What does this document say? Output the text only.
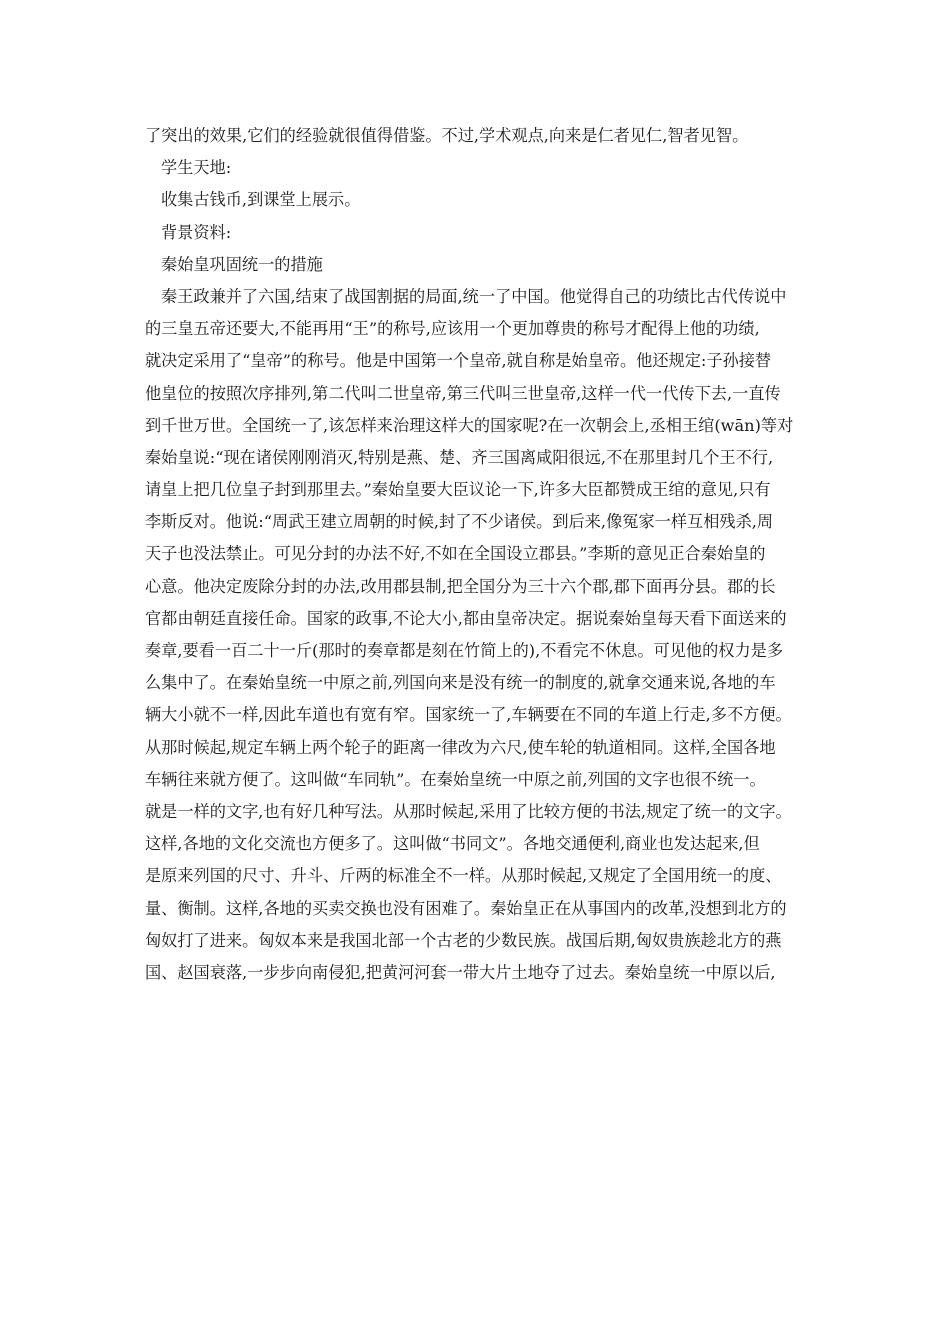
了突出的效果,它们的经验就很值得借鉴。不过,学术观点,向来是仁者见仁,智者见智。
学生天地:
收集古钱币,到课堂上展示。
背景资料:
秦始皇巩固统一的措施
秦王政兼并了六国,结束了战国割据的局面,统一了中国。他觉得自己的功绩比古代传说中
的三皇五帝还要大,不能再用“王”的称号,应该用一个更加尊贵的称号才配得上他的功绩,
就决定采用了“皇帝”的称号。他是中国第一个皇帝,就自称是始皇帝。他还规定:子孙接替
他皇位的按照次序排列,第二代叫二世皇帝,第三代叫三世皇帝,这样一代一代传下去,一直传
到千世万世。全国统一了,该怎样来治理这样大的国家呢?在一次朝会上,丞相王绾(wān)等对
秦始皇说:“现在诸侯刚刚消灭,特别是燕、楚、齐三国离咸阳很远,不在那里封几个王不行,
请皇上把几位皇子封到那里去。”秦始皇要大臣议论一下,许多大臣都赞成王绾的意见,只有
李斯反对。他说:“周武王建立周朝的时候,封了不少诸侯。到后来,像冤家一样互相残杀,周
天子也没法禁止。可见分封的办法不好,不如在全国设立郡县。”李斯的意见正合秦始皇的
心意。他决定废除分封的办法,改用郡县制,把全国分为三十六个郡,郡下面再分县。郡的长
官都由朝廷直接任命。国家的政事,不论大小,都由皇帝决定。据说秦始皇每天看下面送来的
奏章,要看一百二十一斤(那时的奏章都是刻在竹简上的),不看完不休息。可见他的权力是多
么集中了。在秦始皇统一中原之前,列国向来是没有统一的制度的,就拿交通来说,各地的车
辆大小就不一样,因此车道也有宽有窄。国家统一了,车辆要在不同的车道上行走,多不方便。
从那时候起,规定车辆上两个轮子的距离一律改为六尺,使车轮的轨道相同。这样,全国各地
车辆往来就方便了。这叫做“车同轨”。在秦始皇统一中原之前,列国的文字也很不统一。
就是一样的文字,也有好几种写法。从那时候起,采用了比较方便的书法,规定了统一的文字。
这样,各地的文化交流也方便多了。这叫做“书同文”。各地交通便利,商业也发达起来,但
是原来列国的尺寸、升斗、斤两的标准全不一样。从那时候起,又规定了全国用统一的度、
量、衡制。这样,各地的买卖交换也没有困难了。秦始皇正在从事国内的改革,没想到北方的
匈奴打了进来。匈奴本来是我国北部一个古老的少数民族。战国后期,匈奴贵族趁北方的燕
国、赵国衰落,一步步向南侵犯,把黄河河套一带大片土地夺了过去。秦始皇统一中原以后,
